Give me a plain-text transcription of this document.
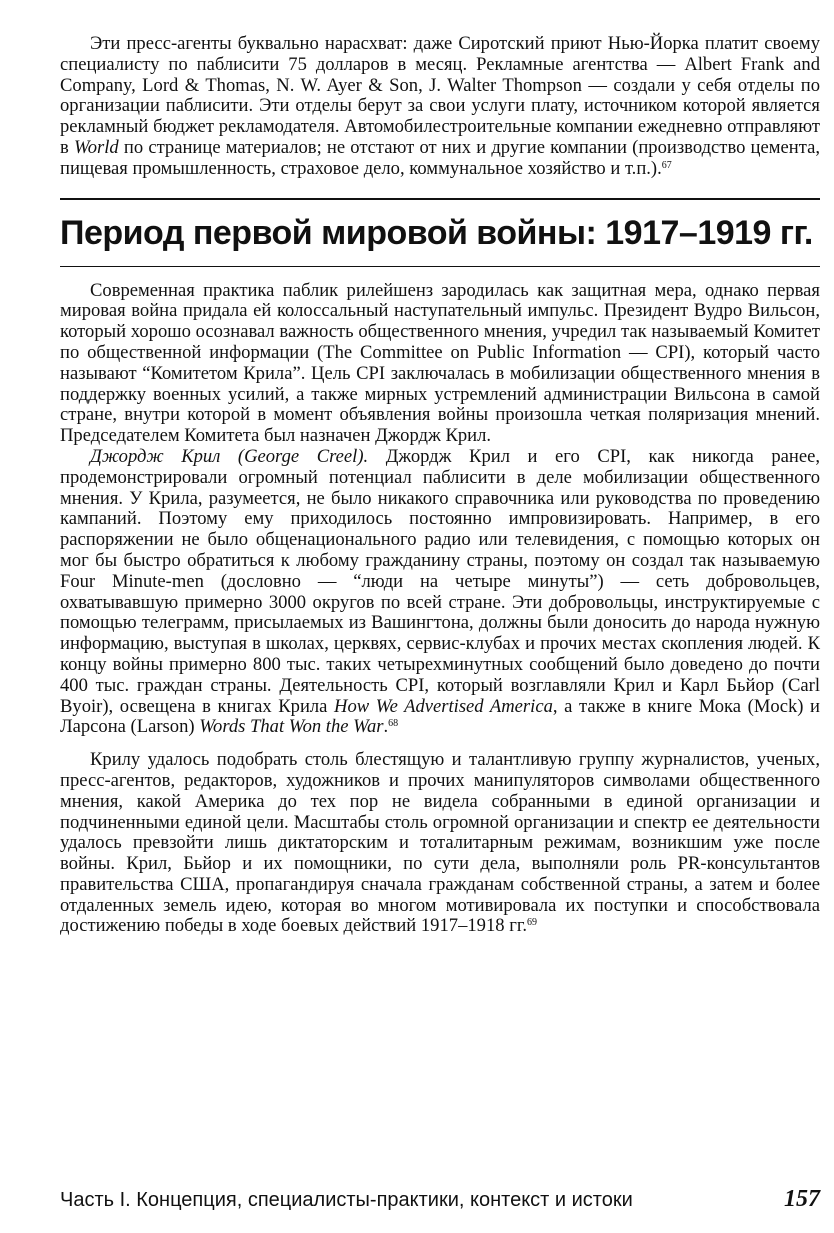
Эти пресс-агенты буквально нарасхват: даже Сиротский приют Нью-Йорка платит своему специалисту по паблисити 75 долларов в месяц. Рекламные агентства — Albert Frank and Company, Lord & Thomas, N. W. Ayer & Son, J. Walter Thompson — создали у себя отделы по организации паблисити. Эти отделы берут за свои услуги плату, источником которой является рекламный бюджет рекламодателя. Автомобилестроительные компании ежедневно отправляют в World по странице материалов; не отстают от них и другие компании (производство цемента, пищевая промышленность, страховое дело, коммунальное хозяйство и т.п.).$^{67}$

Период первой мировой войны: 1917–1919 гг.

Современная практика паблик рилейшенз зародилась как защитная мера, однако первая мировая война придала ей колоссальный наступательный импульс. Президент Вудро Вильсон, который хорошо осознавал важность общественного мнения, учредил так называемый Комитет по общественной информации (The Committee on Public Information — CPI), который часто называют “Комитетом Крила”. Цель CPI заключалась в мобилизации общественного мнения в поддержку военных усилий, а также мирных устремлений администрации Вильсона в самой стране, внутри которой в момент объявления войны произошла четкая поляризация мнений. Председателем Комитета был назначен Джордж Крил.

Джордж Крил (George Creel). Джордж Крил и его CPI, как никогда ранее, продемонстрировали огромный потенциал паблисити в деле мобилизации общественного мнения. У Крила, разумеется, не было никакого справочника или руководства по проведению кампаний. Поэтому ему приходилось постоянно импровизировать. Например, в его распоряжении не было общенационального радио или телевидения, с помощью которых он мог бы быстро обратиться к любому гражданину страны, поэтому он создал так называемую Four Minute-men (дословно — “люди на четыре минуты”) — сеть добровольцев, охватывавшую примерно 3000 округов по всей стране. Эти добровольцы, инструктируемые с помощью телеграмм, присылаемых из Вашингтона, должны были доносить до народа нужную информацию, выступая в школах, церквях, сервис-клубах и прочих местах скопления людей. К концу войны примерно 800 тыс. таких четырехминутных сообщений было доведено до почти 400 тыс. граждан страны. Деятельность CPI, который возглавляли Крил и Карл Бьйор (Carl Byoir), освещена в книгах Крила How We Advertised America, а также в книге Мока (Mock) и Ларсона (Larson) Words That Won the War.$^{68}$

Крилу удалось подобрать столь блестящую и талантливую группу журналистов, ученых, пресс-агентов, редакторов, художников и прочих манипуляторов символами общественного мнения, какой Америка до тех пор не видела собранными в единой организации и подчиненными единой цели. Масштабы столь огромной организации и спектр ее деятельности удалось превзойти лишь диктаторским и тоталитарным режимам, возникшим уже после войны. Крил, Бьйор и их помощники, по сути дела, выполняли роль PR-консультантов правительства США, пропагандируя сначала гражданам собственной страны, а затем и более отдаленных земель идею, которая во многом мотивировала их поступки и способствовала достижению победы в ходе боевых действий 1917–1918 гг.$^{69}$

Часть I. Концепция, специалисты-практики, контекст и истоки	157
